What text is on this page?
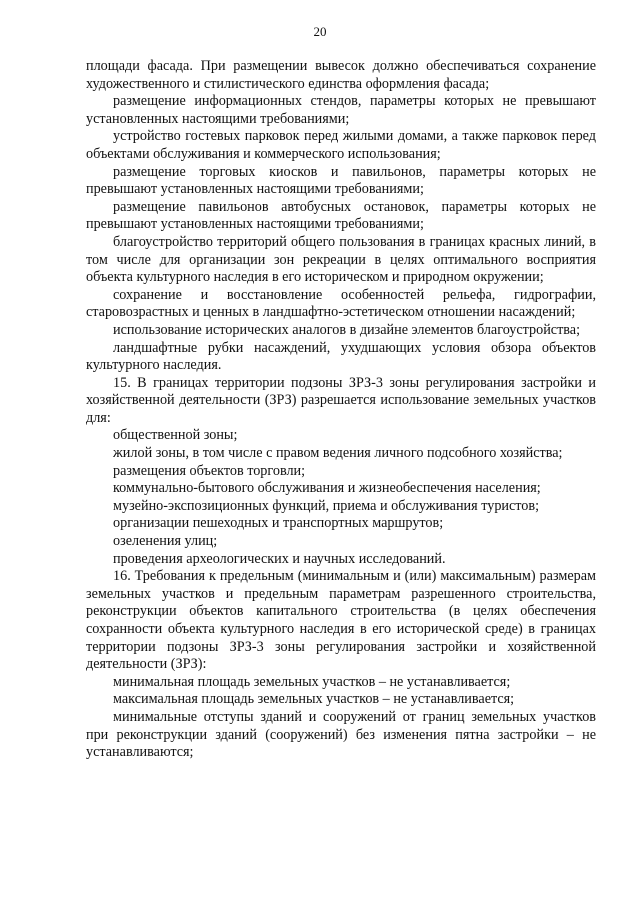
20

площади фасада. При размещении вывесок должно обеспечиваться сохранение художественного и стилистического единства оформления фасада;

размещение информационных стендов, параметры которых не превышают установленных настоящими требованиями;

устройство гостевых парковок перед жилыми домами, а также парковок перед объектами обслуживания и коммерческого использования;

размещение торговых киосков и павильонов, параметры которых не превышают установленных настоящими требованиями;

размещение павильонов автобусных остановок, параметры которых не превышают установленных настоящими требованиями;

благоустройство территорий общего пользования в границах красных линий, в том числе для организации зон рекреации в целях оптимального восприятия объекта культурного наследия в его историческом и природном окружении;

сохранение и восстановление особенностей рельефа, гидрографии, старовозрастных и ценных в ландшафтно-эстетическом отношении насаждений;

использование исторических аналогов в дизайне элементов благоустройства;

ландшафтные рубки насаждений, ухудшающих условия обзора объектов культурного наследия.

15. В границах территории подзоны ЗРЗ-3 зоны регулирования застройки и хозяйственной деятельности (ЗРЗ) разрешается использование земельных участков для:

общественной зоны;

жилой зоны, в том числе с правом ведения личного подсобного хозяйства;

размещения объектов торговли;

коммунально-бытового обслуживания и жизнеобеспечения населения;

музейно-экспозиционных функций, приема и обслуживания туристов;

организации пешеходных и транспортных маршрутов;

озеленения улиц;

проведения археологических и научных исследований.

16. Требования к предельным (минимальным и (или) максимальным) размерам земельных участков и предельным параметрам разрешенного строительства, реконструкции объектов капитального строительства (в целях обеспечения сохранности объекта культурного наследия в его исторической среде) в границах территории подзоны ЗРЗ-3 зоны регулирования застройки и хозяйственной деятельности (ЗРЗ):

минимальная площадь земельных участков – не устанавливается;

максимальная площадь земельных участков – не устанавливается;

минимальные отступы зданий и сооружений от границ земельных участков при реконструкции зданий (сооружений) без изменения пятна застройки – не устанавливаются;
